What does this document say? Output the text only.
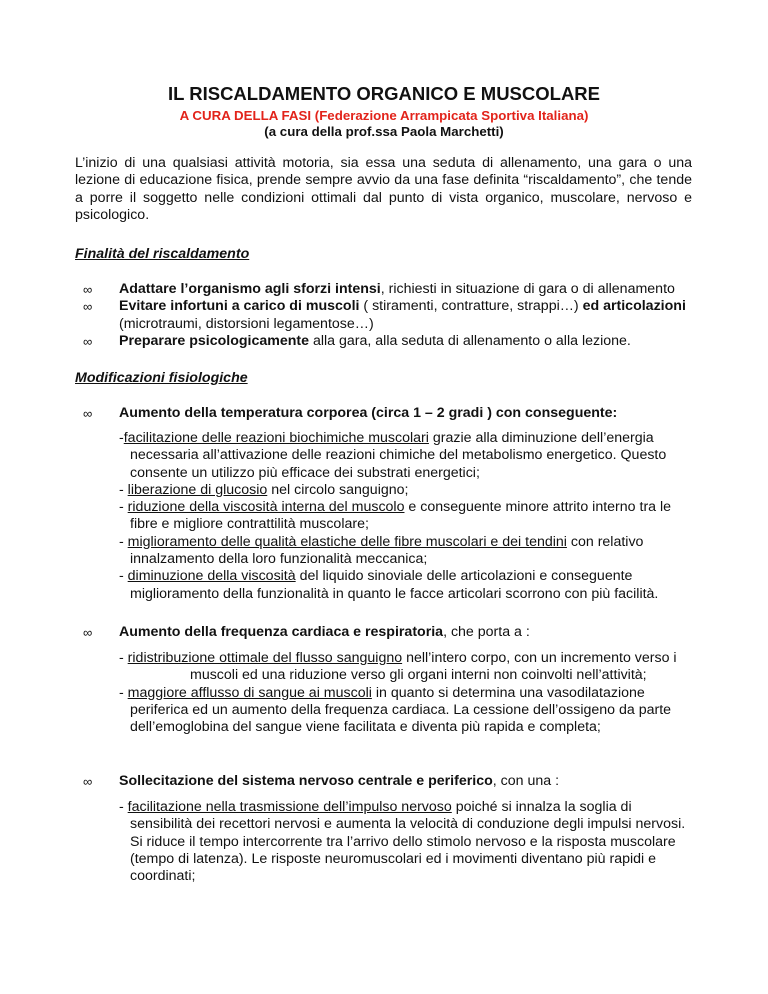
IL RISCALDAMENTO ORGANICO E MUSCOLARE
A CURA DELLA FASI (Federazione Arrampicata Sportiva Italiana)
(a cura della prof.ssa Paola Marchetti)

L’inizio di una qualsiasi attività motoria, sia essa una seduta di allenamento, una gara o una lezione di educazione fisica, prende sempre avvio da una fase definita “riscaldamento”, che tende a porre il soggetto nelle condizioni ottimali dal punto di vista organico, muscolare, nervoso e psicologico.

Finalità del riscaldamento
∞ Adattare l’organismo agli sforzi intensi, richiesti in situazione di gara o di allenamento
∞ Evitare infortuni a carico di muscoli ( stiramenti, contratture, strappi…) ed articolazioni (microtraumi, distorsioni legamentose…)
∞ Preparare psicologicamente alla gara, alla seduta di allenamento o alla lezione.
Modificazioni fisiologiche
∞ Aumento della temperatura corporea (circa 1 – 2 gradi ) con conseguente:
-facilitazione delle reazioni biochimiche muscolari grazie alla diminuzione dell’energia necessaria all’attivazione delle reazioni chimiche del metabolismo energetico. Questo consente un utilizzo più efficace dei substrati energetici;
- liberazione di glucosio nel circolo sanguigno;
- riduzione della viscosità interna del muscolo e conseguente minore attrito interno tra le fibre e migliore contrattilità muscolare;
- miglioramento delle qualità elastiche delle fibre muscolari e dei tendini con relativo innalzamento della loro funzionalità meccanica;
- diminuzione della viscosità del liquido sinoviale delle articolazioni e conseguente miglioramento della funzionalità in quanto le facce articolari scorrono con più facilità.
∞ Aumento della frequenza cardiaca e respiratoria, che porta a :
- ridistribuzione ottimale del flusso sanguigno nell’intero corpo, con un incremento verso imuscoli ed una riduzione verso gli organi interni non coinvolti nell’attività;
- maggiore afflusso di sangue ai muscoli in quanto si determina una vasodilatazione periferica ed un aumento della frequenza cardiaca. La cessione dell’ossigeno da parte dell’emoglobina del sangue viene facilitata e diventa più rapida e completa;
∞ Sollecitazione del sistema nervoso centrale e periferico, con una :
- facilitazione nella trasmissione dell’impulso nervoso poiché si innalza la soglia di sensibilità dei recettori nervosi e aumenta la velocità di conduzione degli impulsi nervosi. Si riduce il tempo intercorrente tra l’arrivo dello stimolo nervoso e la risposta muscolare (tempo di latenza). Le risposte neuromuscolari ed i movimenti diventano più rapidi e coordinati;
